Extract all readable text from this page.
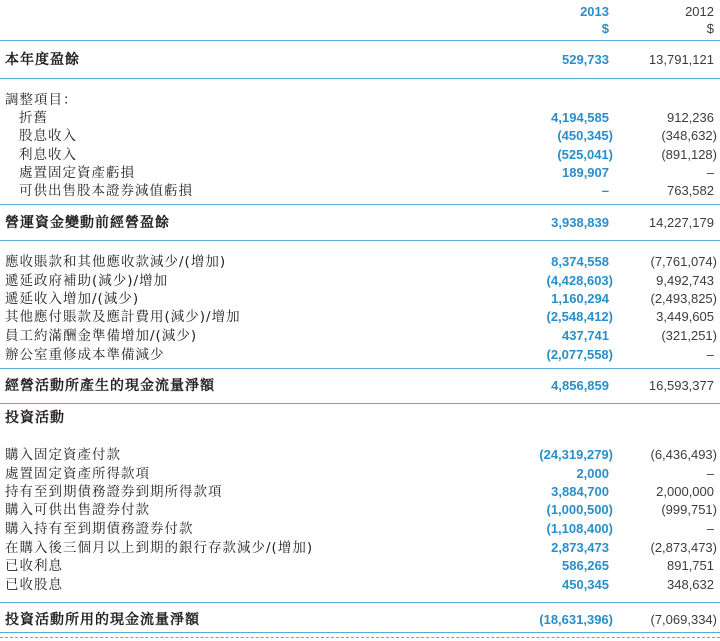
2013	2012
$	$
本年度盈餘	529,733	13,791,121
調整項目：
折舊	4,194,585	912,236
股息收入	(450,345)	(348,632)
利息收入	(525,041)	(891,128)
處置固定資產虧損	189,907	–
可供出售股本證券減值虧損	–	763,582
營運資金變動前經營盈餘	3,938,839	14,227,179
應收賬款和其他應收款減少/(增加)	8,374,558	(7,761,074)
遞延政府補助(減少)/增加	(4,428,603)	9,492,743
遞延收入增加/(減少)	1,160,294	(2,493,825)
其他應付賬款及應計費用(減少)/增加	(2,548,412)	3,449,605
員工約滿酬金準備增加/(減少)	437,741	(321,251)
辦公室重修成本準備減少	(2,077,558)	–
經營活動所產生的現金流量淨額	4,856,859	16,593,377
投資活動
購入固定資產付款	(24,319,279)	(6,436,493)
處置固定資產所得款項	2,000	–
持有至到期債務證券到期所得款項	3,884,700	2,000,000
購入可供出售證券付款	(1,000,500)	(999,751)
購入持有至到期債務證券付款	(1,108,400)	–
在購入後三個月以上到期的銀行存款減少/(增加)	2,873,473	(2,873,473)
已收利息	586,265	891,751
已收股息	450,345	348,632
投資活動所用的現金流量淨額	(18,631,396)	(7,069,334)
